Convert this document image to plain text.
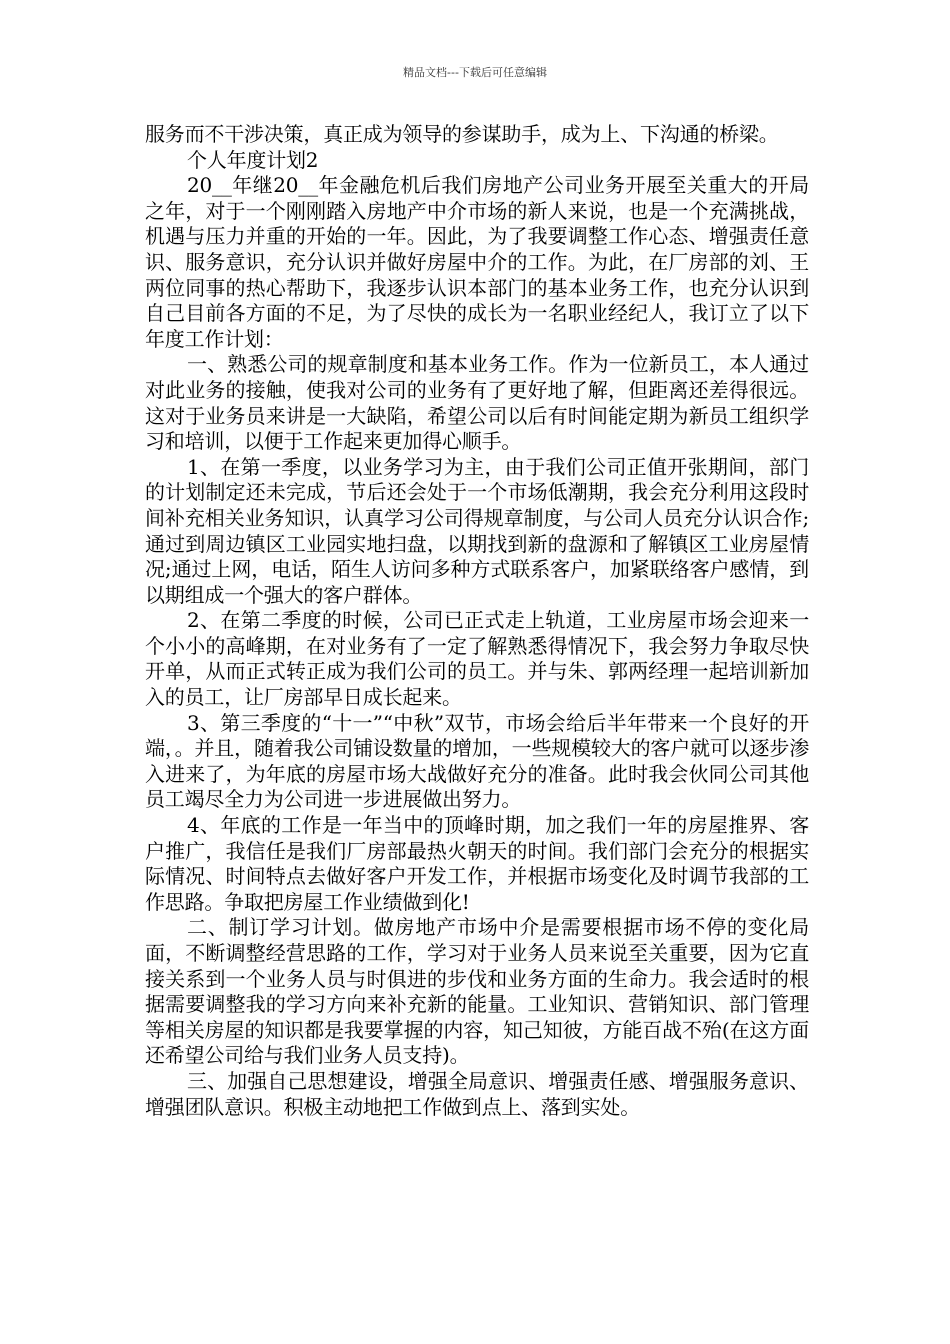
精品文档---下载后可任意编辑

服务而不干涉决策，真正成为领导的参谋助手，成为上、下沟通的桥梁。

个人年度计划2

20__年继20__年金融危机后我们房地产公司业务开展至关重大的开局之年，对于一个刚刚踏入房地产中介市场的新人来说，也是一个充满挑战，机遇与压力并重的开始的一年。因此，为了我要调整工作心态、增强责任意识、服务意识，充分认识并做好房屋中介的工作。为此，在厂房部的刘、王两位同事的热心帮助下，我逐步认识本部门的基本业务工作，也充分认识到自己目前各方面的不足，为了尽快的成长为一名职业经纪人，我订立了以下年度工作计划：

一、熟悉公司的规章制度和基本业务工作。作为一位新员工，本人通过对此业务的接触，使我对公司的业务有了更好地了解，但距离还差得很远。这对于业务员来讲是一大缺陷，希望公司以后有时间能定期为新员工组织学习和培训，以便于工作起来更加得心顺手。

1、在第一季度，以业务学习为主，由于我们公司正值开张期间，部门的计划制定还未完成，节后还会处于一个市场低潮期，我会充分利用这段时间补充相关业务知识，认真学习公司得规章制度，与公司人员充分认识合作;通过到周边镇区工业园实地扫盘，以期找到新的盘源和了解镇区工业房屋情况;通过上网，电话，陌生人访问多种方式联系客户，加紧联络客户感情，到以期组成一个强大的客户群体。

2、在第二季度的时候，公司已正式走上轨道，工业房屋市场会迎来一个小小的高峰期，在对业务有了一定了解熟悉得情况下，我会努力争取尽快开单，从而正式转正成为我们公司的员工。并与朱、郭两经理一起培训新加入的员工，让厂房部早日成长起来。

3、第三季度的“十一”“中秋”双节，市场会给后半年带来一个良好的开端，。并且，随着我公司铺设数量的增加，一些规模较大的客户就可以逐步渗入进来了，为年底的房屋市场大战做好充分的准备。此时我会伙同公司其他员工竭尽全力为公司进一步进展做出努力。

4、年底的工作是一年当中的顶峰时期，加之我们一年的房屋推界、客户推广，我信任是我们厂房部最热火朝天的时间。我们部门会充分的根据实际情况、时间特点去做好客户开发工作，并根据市场变化及时调节我部的工作思路。争取把房屋工作业绩做到化!

二、制订学习计划。做房地产市场中介是需要根据市场不停的变化局面，不断调整经营思路的工作，学习对于业务人员来说至关重要，因为它直接关系到一个业务人员与时俱进的步伐和业务方面的生命力。我会适时的根据需要调整我的学习方向来补充新的能量。工业知识、营销知识、部门管理等相关房屋的知识都是我要掌握的内容，知己知彼，方能百战不殆(在这方面还希望公司给与我们业务人员支持)。

三、加强自己思想建设，增强全局意识、增强责任感、增强服务意识、增强团队意识。积极主动地把工作做到点上、落到实处。
